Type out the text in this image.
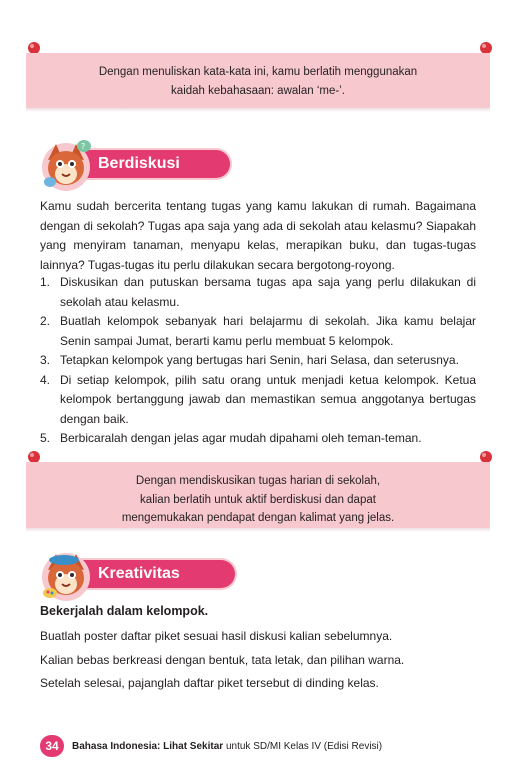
Dengan menuliskan kata-kata ini, kamu berlatih menggunakan
kaidah kebahasaan: awalan ‘me-’.
Berdiskusi
?
Kamu sudah bercerita tentang tugas yang kamu lakukan di rumah. Bagaimana dengan di sekolah? Tugas apa saja yang ada di sekolah atau kelasmu? Siapakah yang menyiram tanaman, menyapu kelas, merapikan buku, dan tugas-tugas lainnya? Tugas-tugas itu perlu dilakukan secara bergotong-royong.
1. Diskusikan dan putuskan bersama tugas apa saja yang perlu dilakukan di sekolah atau kelasmu.
2. Buatlah kelompok sebanyak hari belajarmu di sekolah. Jika kamu belajar Senin sampai Jumat, berarti kamu perlu membuat 5 kelompok.
3. Tetapkan kelompok yang bertugas hari Senin, hari Selasa, dan seterusnya.
4. Di setiap kelompok, pilih satu orang untuk menjadi ketua kelompok. Ketua kelompok bertanggung jawab dan memastikan semua anggotanya bertugas dengan baik.
5. Berbicaralah dengan jelas agar mudah dipahami oleh teman-teman.
Dengan mendiskusikan tugas harian di sekolah,
kalian berlatih untuk aktif berdiskusi dan dapat
mengemukakan pendapat dengan kalimat yang jelas.
Kreativitas
Bekerjalah dalam kelompok.
Buatlah poster daftar piket sesuai hasil diskusi kalian sebelumnya.
Kalian bebas berkreasi dengan bentuk, tata letak, dan pilihan warna.
Setelah selesai, pajanglah daftar piket tersebut di dinding kelas.
34	Bahasa Indonesia: Lihat Sekitar untuk SD/MI Kelas IV (Edisi Revisi)
